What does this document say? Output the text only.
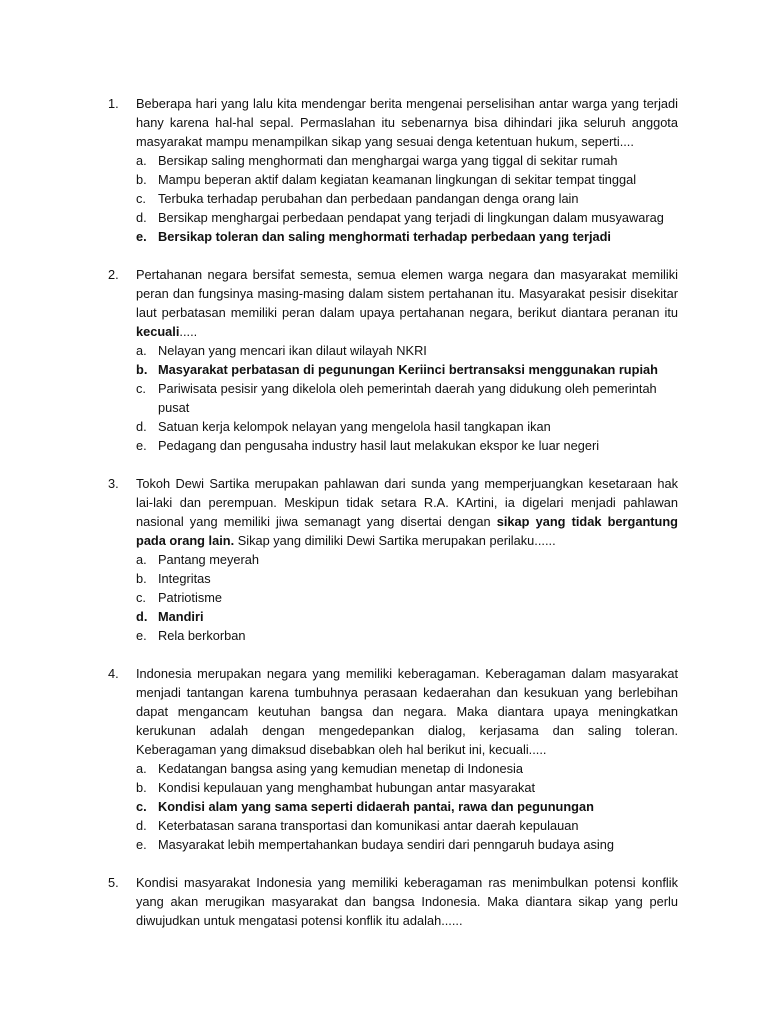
1. Beberapa hari yang lalu kita mendengar berita mengenai perselisihan antar warga yang terjadi hany karena hal-hal sepal. Permaslahan itu sebenarnya bisa dihindari jika seluruh anggota masyarakat mampu menampilkan sikap yang sesuai denga ketentuan hukum, seperti....
a. Bersikap saling menghormati dan menghargai warga yang tiggal di sekitar rumah
b. Mampu beperan aktif dalam kegiatan keamanan lingkungan di sekitar tempat tinggal
c. Terbuka terhadap perubahan dan perbedaan pandangan denga orang lain
d. Bersikap menghargai perbedaan pendapat yang terjadi di lingkungan dalam musyawarag
e. Bersikap toleran dan saling menghormati terhadap perbedaan yang terjadi
2. Pertahanan negara bersifat semesta, semua elemen warga negara dan masyarakat memiliki peran dan fungsinya masing-masing dalam sistem pertahanan itu. Masyarakat pesisir disekitar laut perbatasan memiliki peran dalam upaya pertahanan negara, berikut diantara peranan itu kecuali.....
a. Nelayan yang mencari ikan dilaut wilayah NKRI
b. Masyarakat perbatasan di pegunungan Keriinci bertransaksi menggunakan rupiah
c. Pariwisata pesisir yang dikelola oleh pemerintah daerah yang didukung oleh pemerintah pusat
d. Satuan kerja kelompok nelayan yang mengelola hasil tangkapan ikan
e. Pedagang dan pengusaha industry hasil laut melakukan ekspor ke luar negeri
3. Tokoh Dewi Sartika merupakan pahlawan dari sunda yang memperjuangkan kesetaraan hak lai-laki dan perempuan. Meskipun tidak setara R.A. KArtini, ia digelari menjadi pahlawan nasional yang memiliki jiwa semanagt yang disertai dengan sikap yang tidak bergantung pada orang lain. Sikap yang dimiliki Dewi Sartika merupakan perilaku......
a. Pantang meyerah
b. Integritas
c. Patriotisme
d. Mandiri
e. Rela berkorban
4. Indonesia merupakan negara yang memiliki keberagaman. Keberagaman dalam masyarakat menjadi tantangan karena tumbuhnya perasaan kedaerahan dan kesukuan yang berlebihan dapat mengancam keutuhan bangsa dan negara. Maka diantara upaya meningkatkan kerukunan adalah dengan mengedepankan dialog, kerjasama dan saling toleran. Keberagaman yang dimaksud disebabkan oleh hal berikut ini, kecuali.....
a. Kedatangan bangsa asing yang kemudian menetap di Indonesia
b. Kondisi kepulauan yang menghambat hubungan antar masyarakat
c. Kondisi alam yang sama seperti didaerah pantai, rawa dan pegunungan
d. Keterbatasan sarana transportasi dan komunikasi antar daerah kepulauan
e. Masyarakat lebih mempertahankan budaya sendiri dari penngaruh budaya asing
5. Kondisi masyarakat Indonesia yang memiliki keberagaman ras menimbulkan potensi konflik yang akan merugikan masyarakat dan bangsa Indonesia. Maka diantara sikap yang perlu diwujudkan untuk mengatasi potensi konflik itu adalah......
